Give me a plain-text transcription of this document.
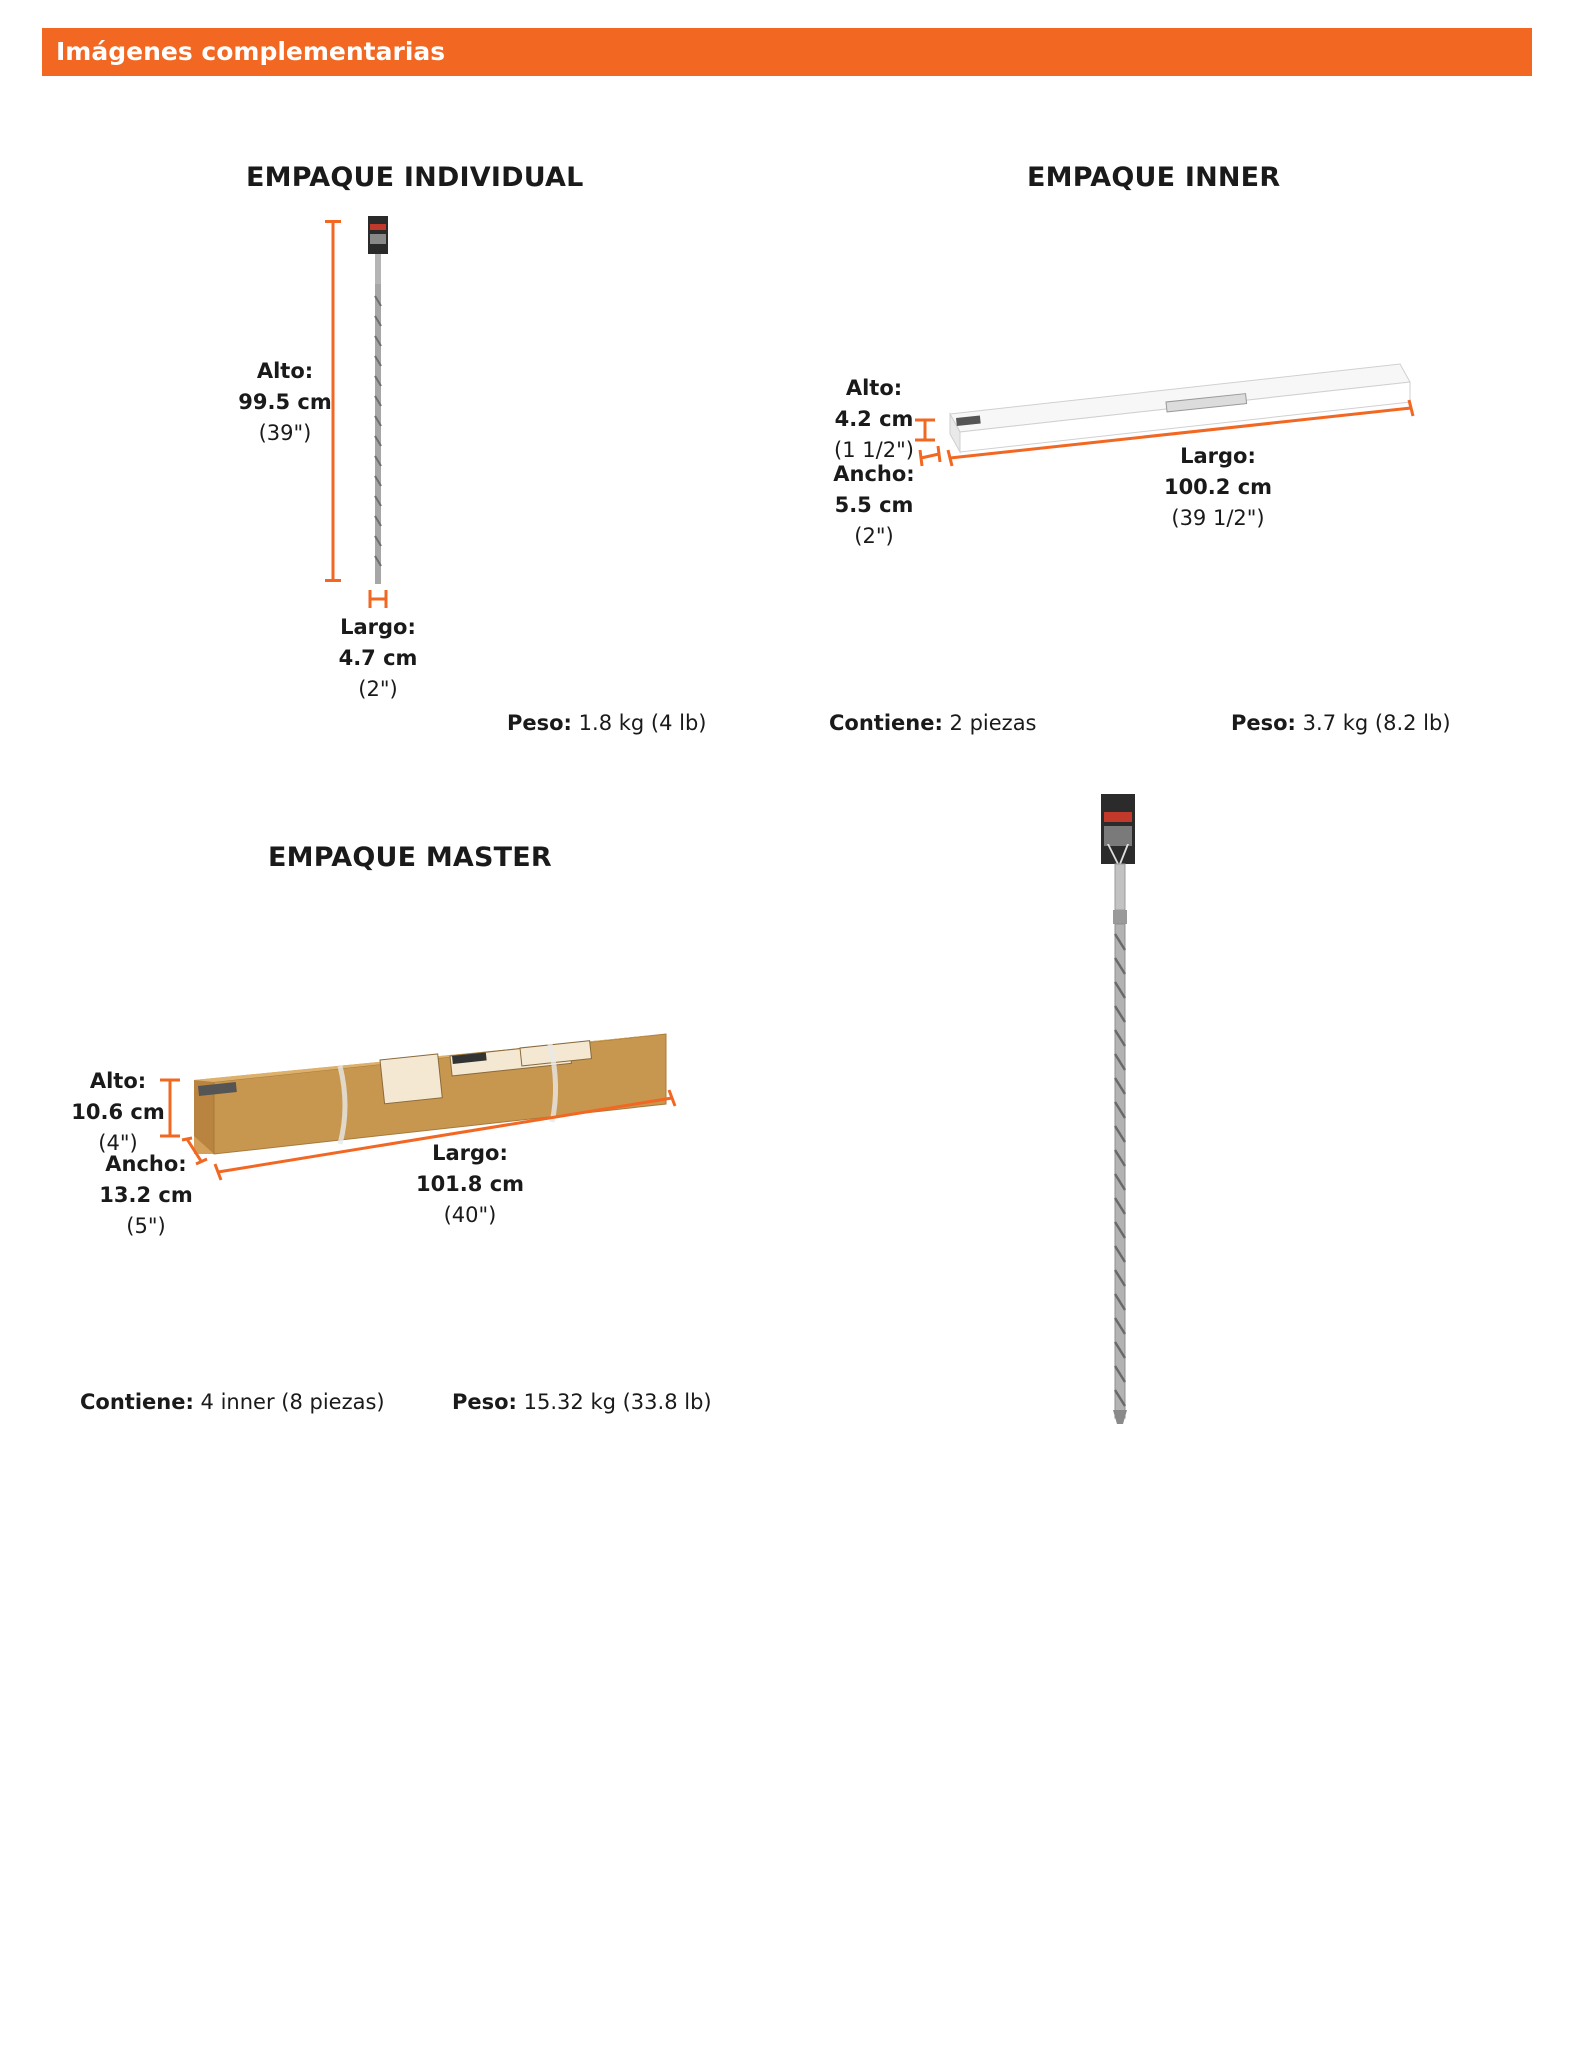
Imágenes complementarias
EMPAQUE INDIVIDUAL
Alto:
99.5 cm
(39")
Largo:
4.7 cm
(2")
Peso: 1.8 kg (4 lb)
EMPAQUE INNER
Alto:
4.2 cm
(1 1/2")
Ancho:
5.5 cm
(2")
Largo:
100.2 cm
(39 1/2")
Contiene: 2 piezas	Peso: 3.7 kg (8.2 lb)
EMPAQUE MASTER
Alto:
10.6 cm
(4")
Ancho:
13.2 cm
(5")
Largo:
101.8 cm
(40")
Contiene: 4 inner (8 piezas)	Peso: 15.32 kg (33.8 lb)
